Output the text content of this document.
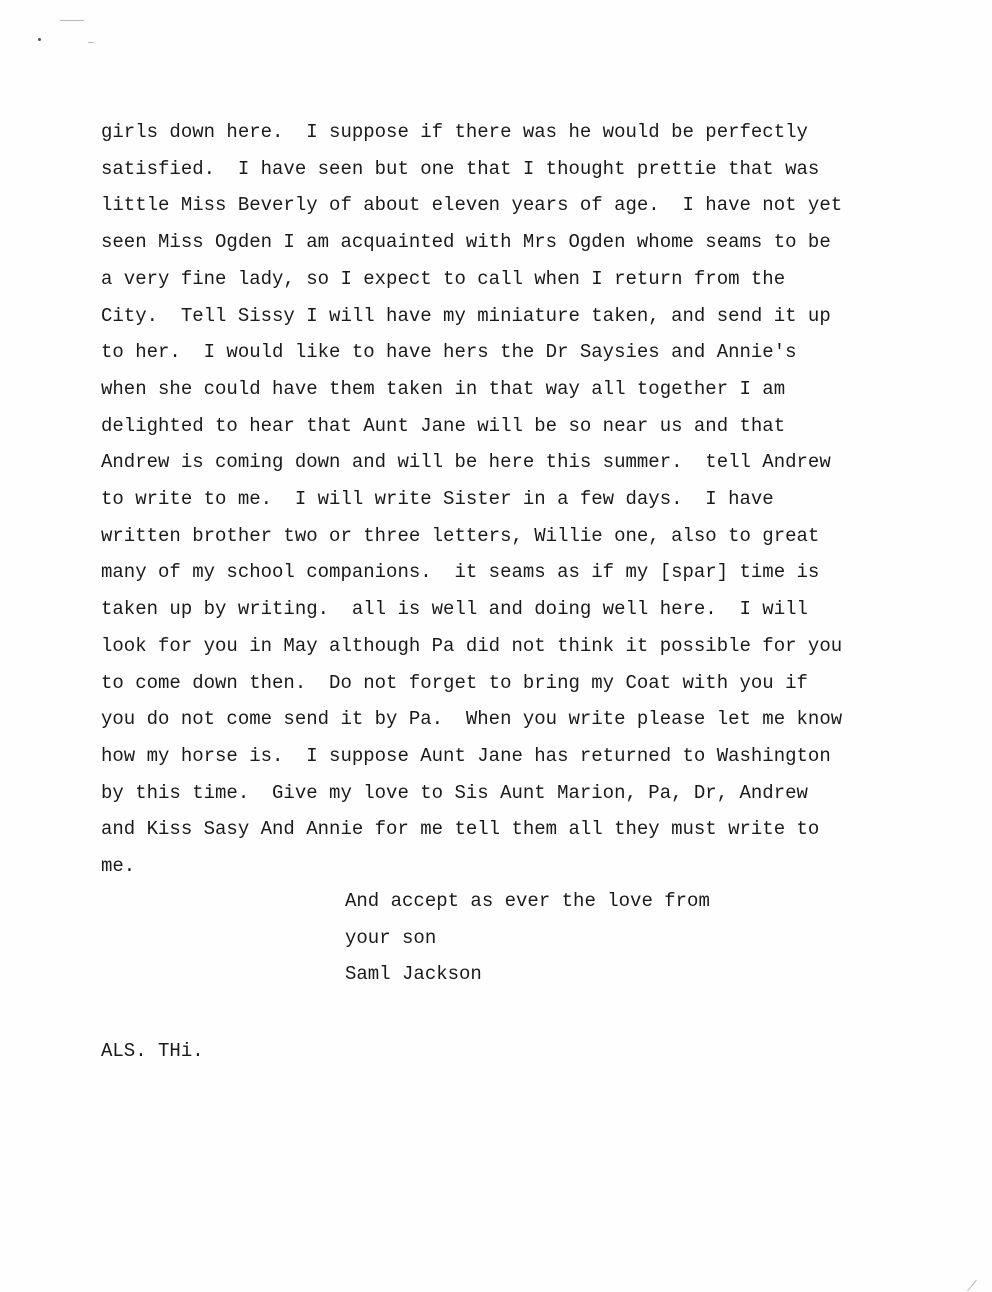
girls down here.  I suppose if there was he would be perfectly
satisfied.  I have seen but one that I thought prettie that was
little Miss Beverly of about eleven years of age.  I have not yet
seen Miss Ogden I am acquainted with Mrs Ogden whome seams to be
a very fine lady, so I expect to call when I return from the
City.  Tell Sissy I will have my miniature taken, and send it up
to her.  I would like to have hers the Dr Saysies and Annie's
when she could have them taken in that way all together I am
delighted to hear that Aunt Jane will be so near us and that
Andrew is coming down and will be here this summer.  tell Andrew
to write to me.  I will write Sister in a few days.  I have
written brother two or three letters, Willie one, also to great
many of my school companions.  it seams as if my [spar] time is
taken up by writing.  all is well and doing well here.  I will
look for you in May although Pa did not think it possible for you
to come down then.  Do not forget to bring my Coat with you if
you do not come send it by Pa.  When you write please let me know
how my horse is.  I suppose Aunt Jane has returned to Washington
by this time.  Give my love to Sis Aunt Marion, Pa, Dr, Andrew
and Kiss Sasy And Annie for me tell them all they must write to
me.
And accept as ever the love from
your son
Saml Jackson
ALS. THi.
